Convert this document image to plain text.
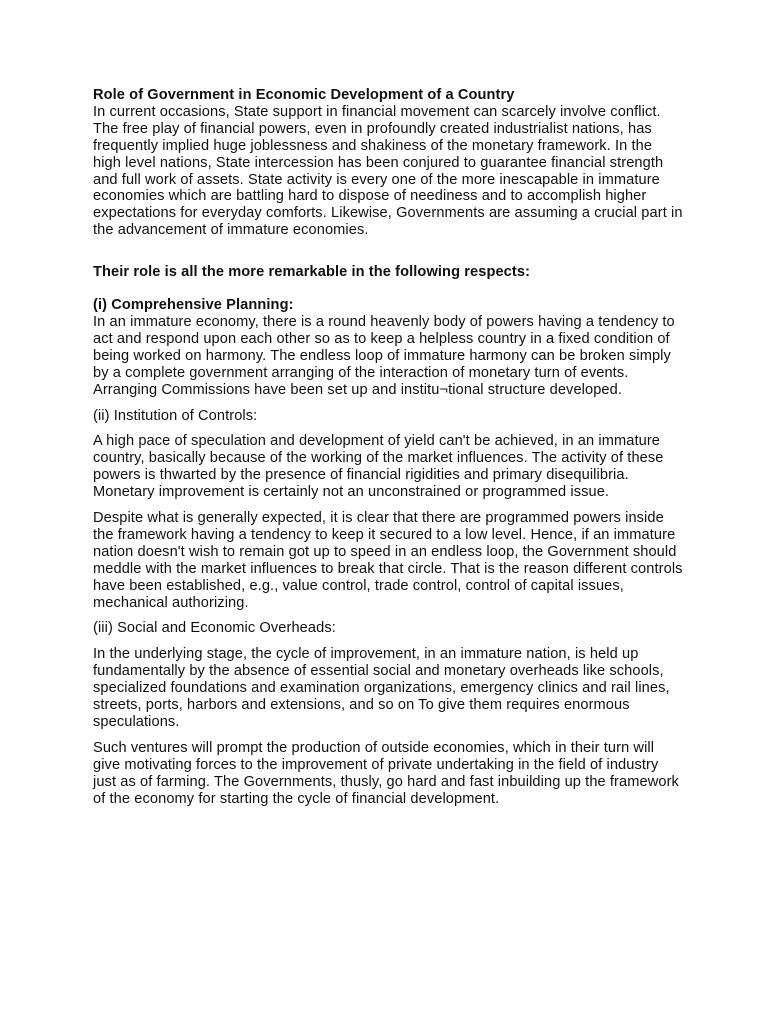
Role of Government in Economic Development of a Country

In current occasions, State support in financial movement can scarcely involve conflict. The free play of financial powers, even in profoundly created industrialist nations, has frequently implied huge joblessness and shakiness of the monetary framework. In the high level nations, State intercession has been conjured to guarantee financial strength and full work of assets. State activity is every one of the more inescapable in immature economies which are battling hard to dispose of neediness and to accomplish higher expectations for everyday comforts. Likewise, Governments are assuming a crucial part in the advancement of immature economies.

Their role is all the more remarkable in the following respects:

(i) Comprehensive Planning:

In an immature economy, there is a round heavenly body of powers having a tendency to act and respond upon each other so as to keep a helpless country in a fixed condition of being worked on harmony. The endless loop of immature harmony can be broken simply by a complete government arranging of the interaction of monetary turn of events. Arranging Commissions have been set up and institu¬tional structure developed.

(ii) Institution of Controls:

A high pace of speculation and development of yield can't be achieved, in an immature country, basically because of the working of the market influences. The activity of these powers is thwarted by the presence of financial rigidities and primary disequilibria. Monetary improvement is certainly not an unconstrained or programmed issue.

Despite what is generally expected, it is clear that there are programmed powers inside the framework having a tendency to keep it secured to a low level. Hence, if an immature nation doesn't wish to remain got up to speed in an endless loop, the Government should meddle with the market influences to break that circle. That is the reason different controls have been established, e.g., value control, trade control, control of capital issues, mechanical authorizing.

(iii) Social and Economic Overheads:

In the underlying stage, the cycle of improvement, in an immature nation, is held up fundamentally by the absence of essential social and monetary overheads like schools, specialized foundations and examination organizations, emergency clinics and rail lines, streets, ports, harbors and extensions, and so on To give them requires enormous speculations.

Such ventures will prompt the production of outside economies, which in their turn will give motivating forces to the improvement of private undertaking in the field of industry just as of farming. The Governments, thusly, go hard and fast inbuilding up the framework of the economy for starting the cycle of financial development.
